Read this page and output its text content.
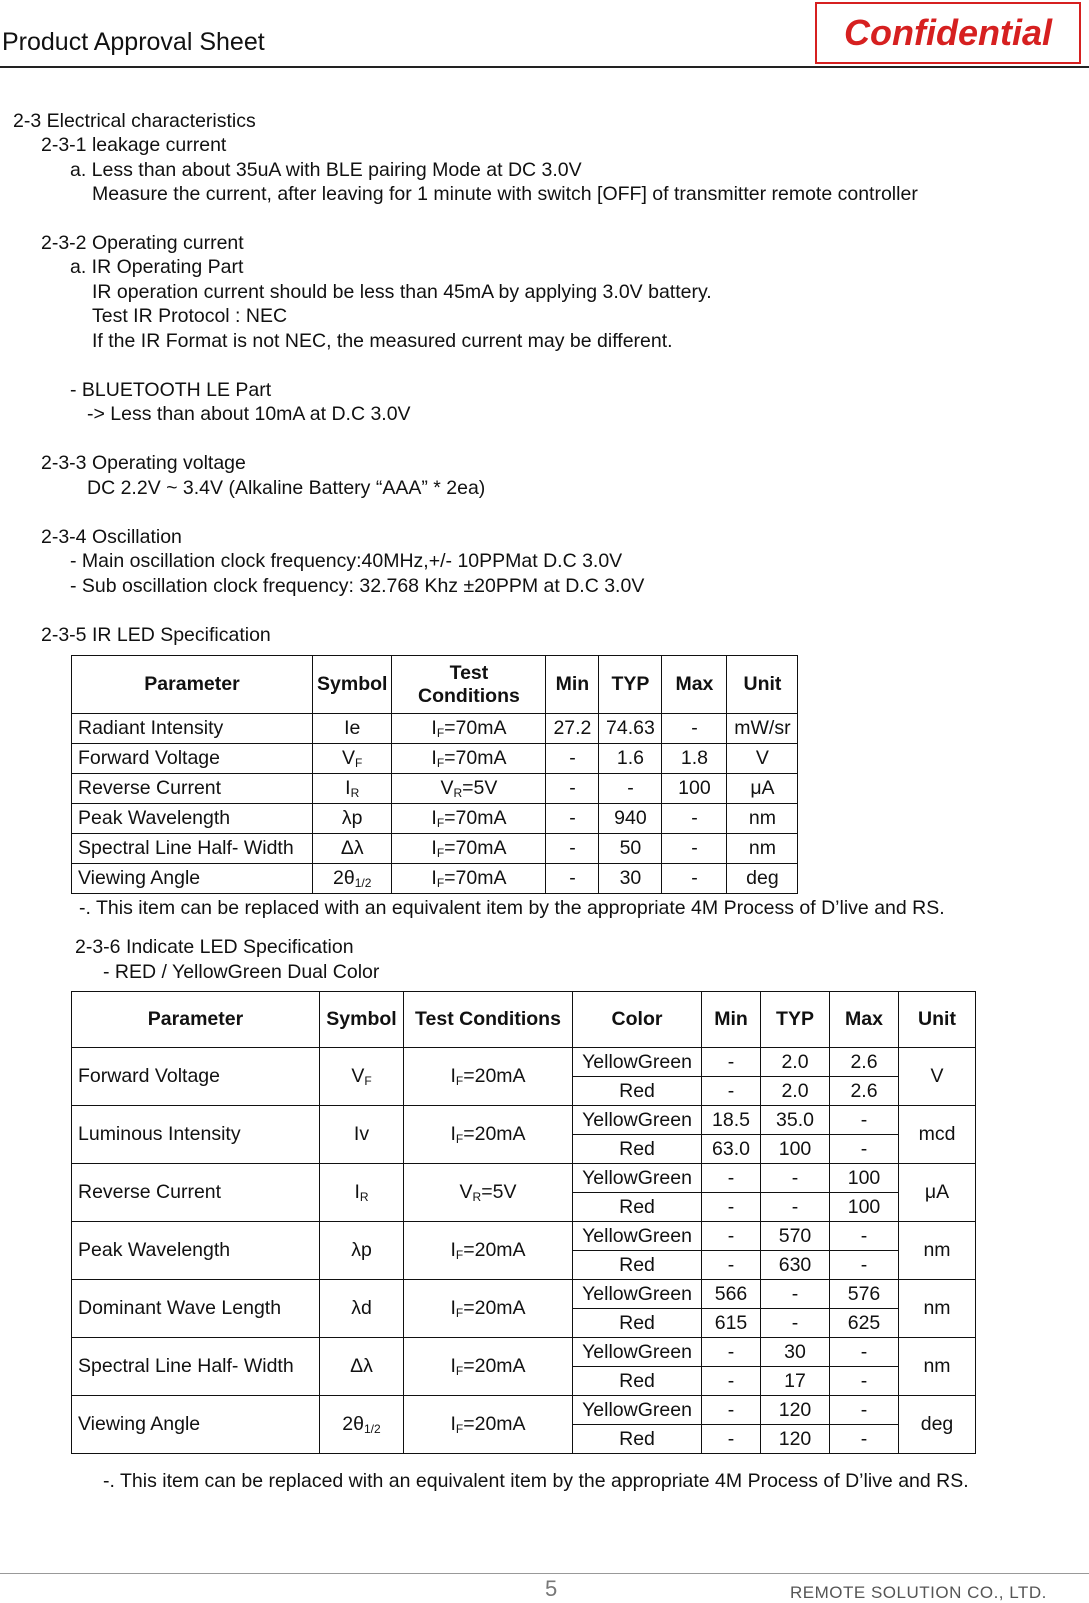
Product Approval Sheet	Confidential
2-3 Electrical characteristics
2-3-1 leakage current
a. Less than about 35uA with BLE pairing Mode at DC 3.0V
Measure the current, after leaving for 1 minute with switch [OFF] of transmitter remote controller
2-3-2 Operating current
a. IR Operating Part
IR operation current should be less than 45mA by applying 3.0V battery.
Test IR Protocol : NEC
If the IR Format is not NEC, the measured current may be different.
- BLUETOOTH LE Part
-> Less than about 10mA at D.C 3.0V
2-3-3 Operating voltage
DC 2.2V ~ 3.4V (Alkaline Battery “AAA” * 2ea)
2-3-4 Oscillation
- Main oscillation clock frequency:40MHz,+/- 10PPMat D.C 3.0V
- Sub oscillation clock frequency: 32.768 Khz ±20PPM at D.C 3.0V
2-3-5 IR LED Specification
Parameter	Symbol	Test Conditions	Min	TYP	Max	Unit
Radiant Intensity	Ie	$I_F=70mA$	27.2	74.63	-	mW/sr
Forward Voltage	$V_F$	$I_F=70mA$	-	1.6	1.8	V
Reverse Current	$I_R$	$V_R=5V$	-	-	100	μA
Peak Wavelength	λp	$I_F=70mA$	-	940	-	nm
Spectral Line Half- Width	Δλ	$I_F=70mA$	-	50	-	nm
Viewing Angle	$2\theta_{1/2}$	$I_F=70mA$	-	30	-	deg
-. This item can be replaced with an equivalent item by the appropriate 4M Process of D’live and RS.
2-3-6 Indicate LED Specification
- RED / YellowGreen Dual Color
Parameter	Symbol	Test Conditions	Color	Min	TYP	Max	Unit
Forward Voltage	$V_F$	$I_F=20mA$	YellowGreen	-	2.0	2.6	V
			Red	-	2.0	2.6	
Luminous Intensity	Iv	$I_F=20mA$	YellowGreen	18.5	35.0	-	mcd
			Red	63.0	100	-	
Reverse Current	$I_R$	$V_R=5V$	YellowGreen	-	-	100	μA
			Red	-	-	100	
Peak Wavelength	λp	$I_F=20mA$	YellowGreen	-	570	-	nm
			Red	-	630	-	
Dominant Wave Length	λd	$I_F=20mA$	YellowGreen	566	-	576	nm
			Red	615	-	625	
Spectral Line Half- Width	Δλ	$I_F=20mA$	YellowGreen	-	30	-	nm
			Red	-	17	-	
Viewing Angle	$2\theta_{1/2}$	$I_F=20mA$	YellowGreen	-	120	-	deg
			Red	-	120	-	
-. This item can be replaced with an equivalent item by the appropriate 4M Process of D’live and RS.
5	REMOTE SOLUTION CO., LTD.
